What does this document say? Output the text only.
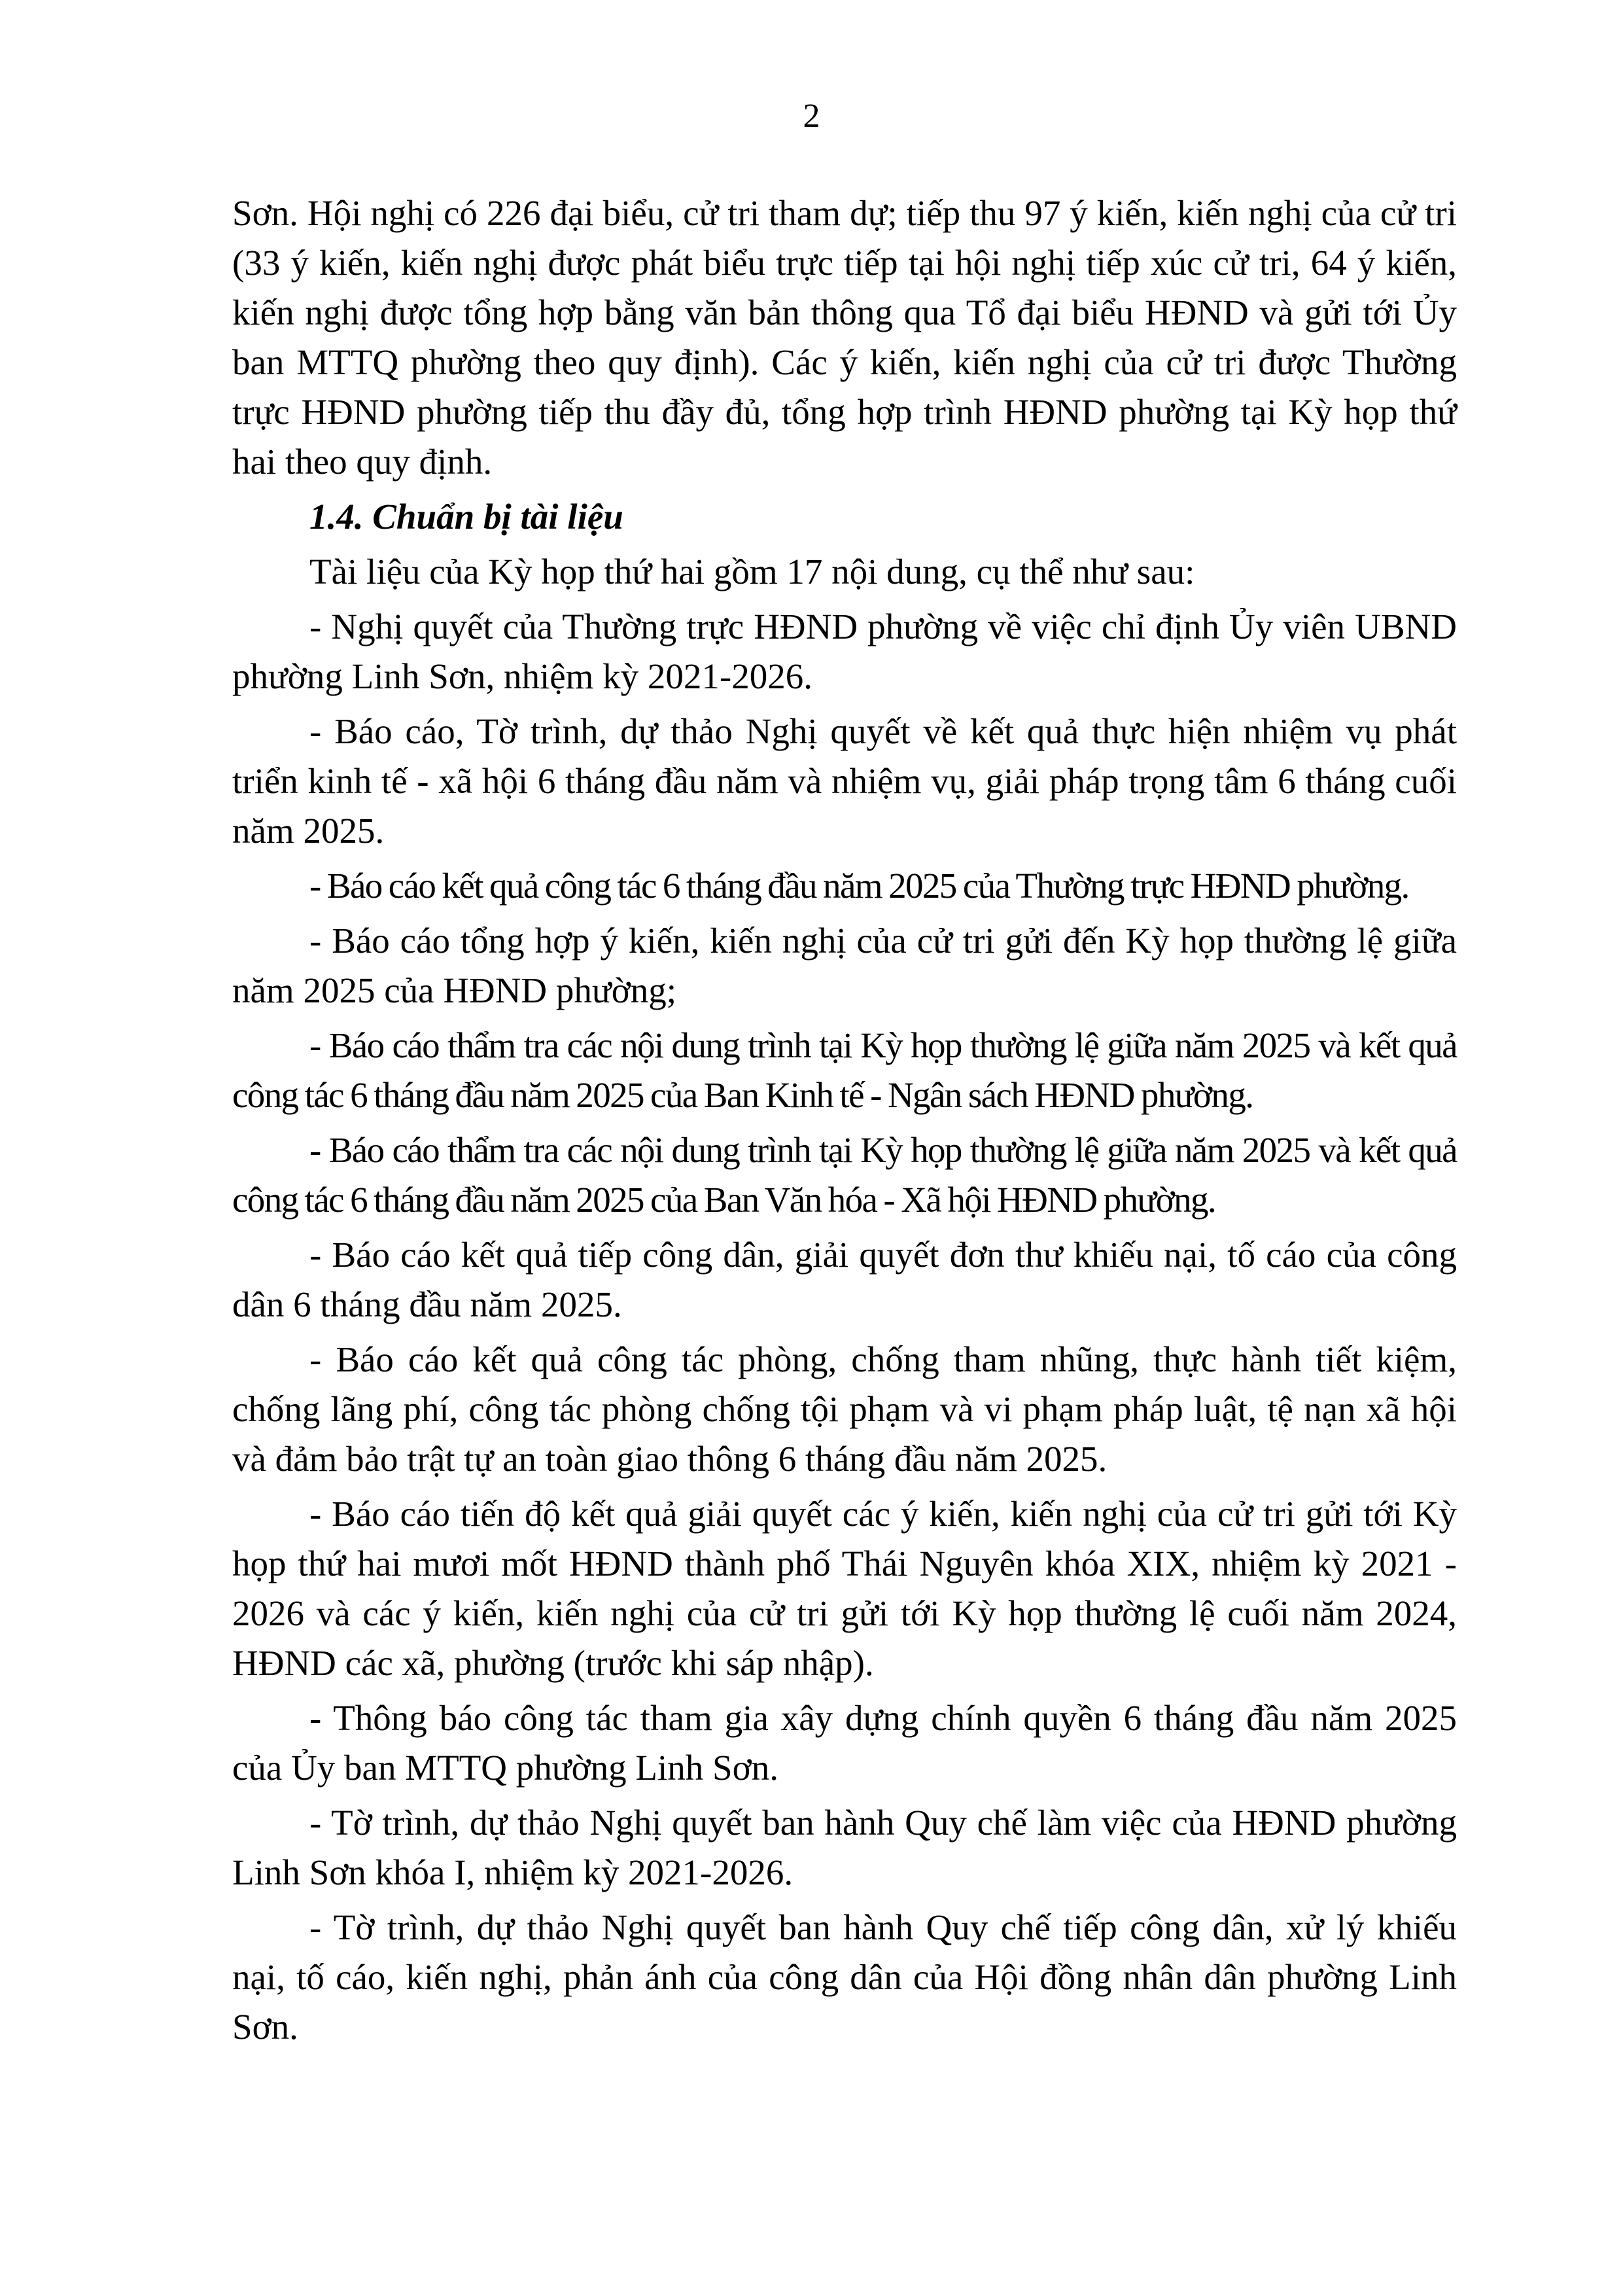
2

Sơn. Hội nghị có 226 đại biểu, cử tri tham dự; tiếp thu 97 ý kiến, kiến nghị của cử tri (33 ý kiến, kiến nghị được phát biểu trực tiếp tại hội nghị tiếp xúc cử tri, 64 ý kiến, kiến nghị được tổng hợp bằng văn bản thông qua Tổ đại biểu HĐND và gửi tới Ủy ban MTTQ phường theo quy định). Các ý kiến, kiến nghị của cử tri được Thường trực HĐND phường tiếp thu đầy đủ, tổng hợp trình HĐND phường tại Kỳ họp thứ hai theo quy định.

1.4. Chuẩn bị tài liệu

Tài liệu của Kỳ họp thứ hai gồm 17 nội dung, cụ thể như sau:

- Nghị quyết của Thường trực HĐND phường về việc chỉ định Ủy viên UBND phường Linh Sơn, nhiệm kỳ 2021-2026.

- Báo cáo, Tờ trình, dự thảo Nghị quyết về kết quả thực hiện nhiệm vụ phát triển kinh tế - xã hội 6 tháng đầu năm và nhiệm vụ, giải pháp trọng tâm 6 tháng cuối năm 2025.

- Báo cáo kết quả công tác 6 tháng đầu năm 2025 của Thường trực HĐND phường.

- Báo cáo tổng hợp ý kiến, kiến nghị của cử tri gửi đến Kỳ họp thường lệ giữa năm 2025 của HĐND phường;

- Báo cáo thẩm tra các nội dung trình tại Kỳ họp thường lệ giữa năm 2025 và kết quả công tác 6 tháng đầu năm 2025 của Ban Kinh tế - Ngân sách HĐND phường.

- Báo cáo thẩm tra các nội dung trình tại Kỳ họp thường lệ giữa năm 2025 và kết quả công tác 6 tháng đầu năm 2025 của Ban Văn hóa - Xã hội HĐND phường.

- Báo cáo kết quả tiếp công dân, giải quyết đơn thư khiếu nại, tố cáo của công dân 6 tháng đầu năm 2025.

- Báo cáo kết quả công tác phòng, chống tham nhũng, thực hành tiết kiệm, chống lãng phí, công tác phòng chống tội phạm và vi phạm pháp luật, tệ nạn xã hội và đảm bảo trật tự an toàn giao thông 6 tháng đầu năm 2025.

- Báo cáo tiến độ kết quả giải quyết các ý kiến, kiến nghị của cử tri gửi tới Kỳ họp thứ hai mươi mốt HĐND thành phố Thái Nguyên khóa XIX, nhiệm kỳ 2021 - 2026 và các ý kiến, kiến nghị của cử tri gửi tới Kỳ họp thường lệ cuối năm 2024, HĐND các xã, phường (trước khi sáp nhập).

- Thông báo công tác tham gia xây dựng chính quyền 6 tháng đầu năm 2025 của Ủy ban MTTQ phường Linh Sơn.

- Tờ trình, dự thảo Nghị quyết ban hành Quy chế làm việc của HĐND phường Linh Sơn khóa I, nhiệm kỳ 2021-2026.

- Tờ trình, dự thảo Nghị quyết ban hành Quy chế tiếp công dân, xử lý khiếu nại, tố cáo, kiến nghị, phản ánh của công dân của Hội đồng nhân dân phường Linh Sơn.
